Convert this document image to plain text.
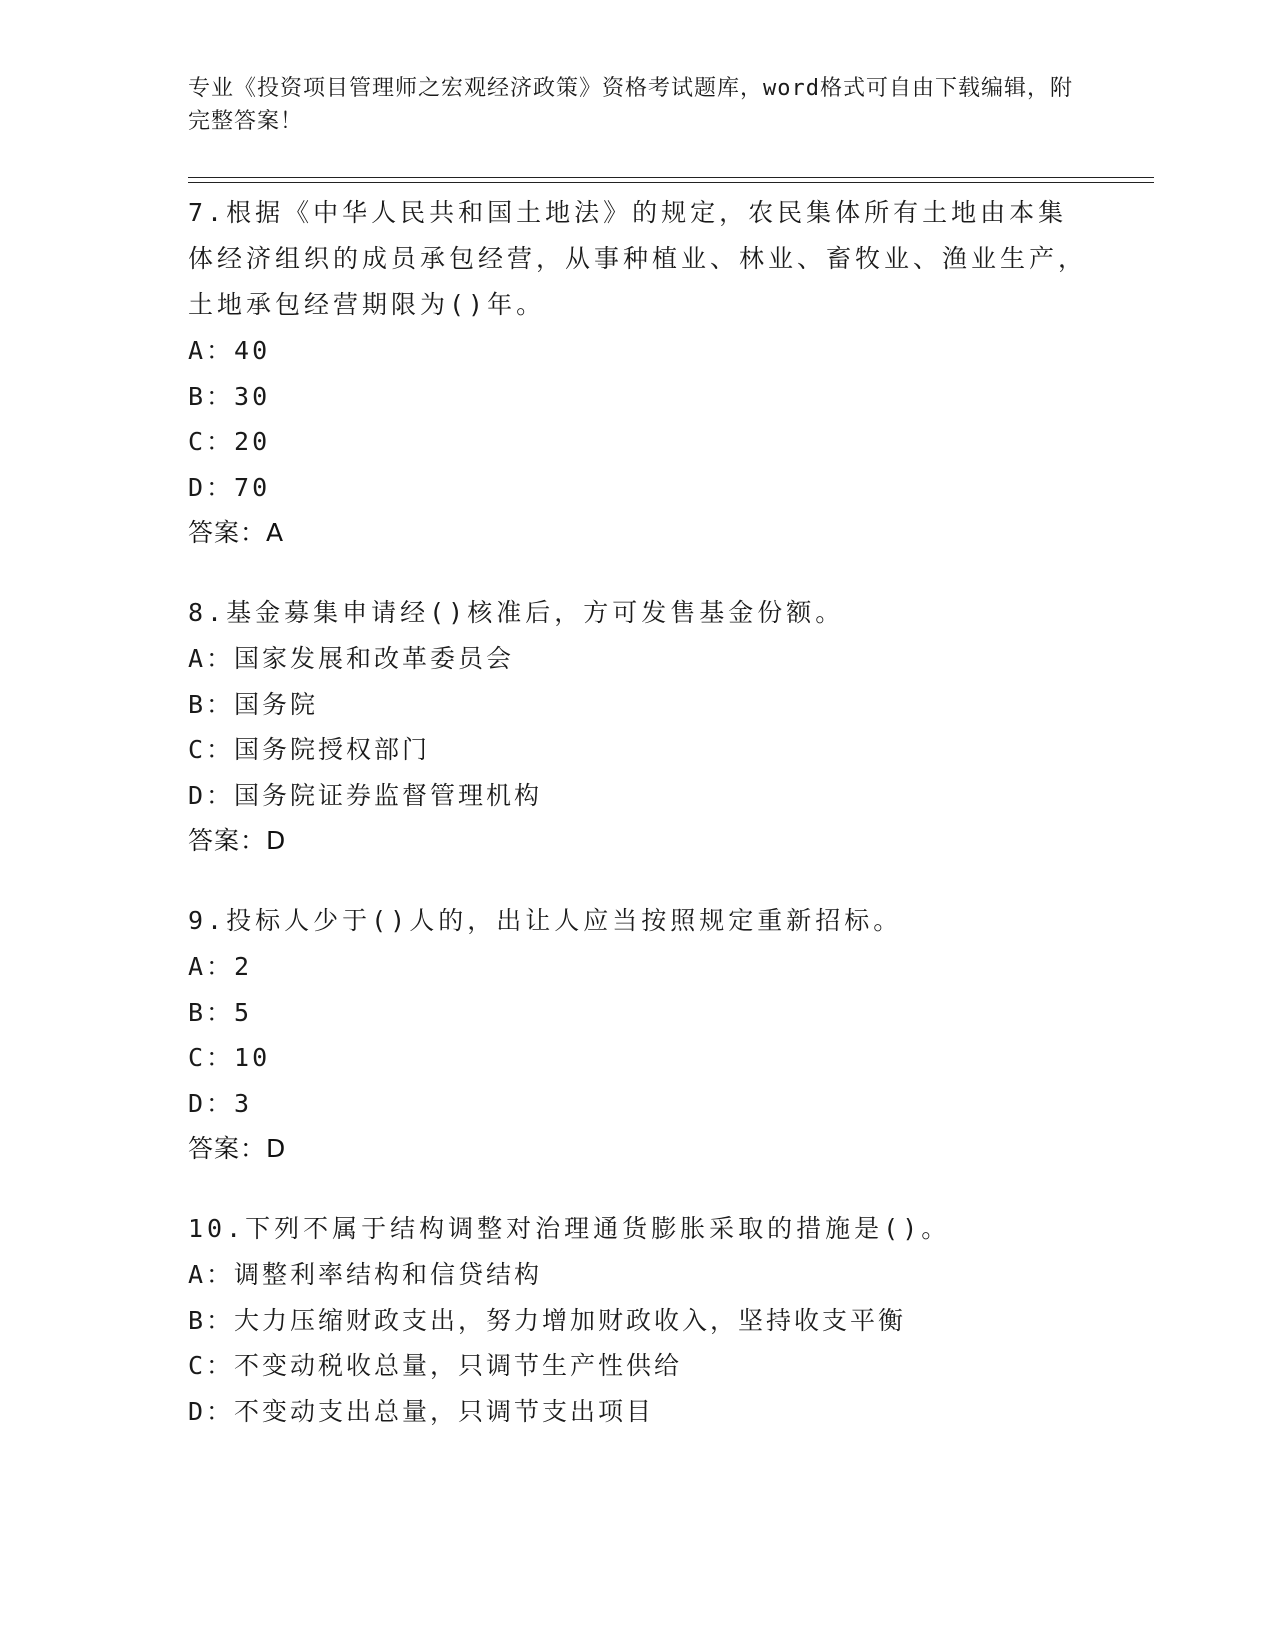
专业《投资项目管理师之宏观经济政策》资格考试题库，word格式可自由下载编辑，附完整答案！

7.根据《中华人民共和国土地法》的规定，农民集体所有土地由本集体经济组织的成员承包经营，从事种植业、林业、畜牧业、渔业生产，土地承包经营期限为()年。

A：40

B：30

C：20

D：70

答案：A

8.基金募集申请经()核准后，方可发售基金份额。

A：国家发展和改革委员会

B：国务院

C：国务院授权部门

D：国务院证券监督管理机构

答案：D

9.投标人少于()人的，出让人应当按照规定重新招标。

A：2

B：5

C：10

D：3

答案：D

10.下列不属于结构调整对治理通货膨胀采取的措施是()。

A：调整利率结构和信贷结构

B：大力压缩财政支出，努力增加财政收入，坚持收支平衡

C：不变动税收总量，只调节生产性供给

D：不变动支出总量，只调节支出项目
